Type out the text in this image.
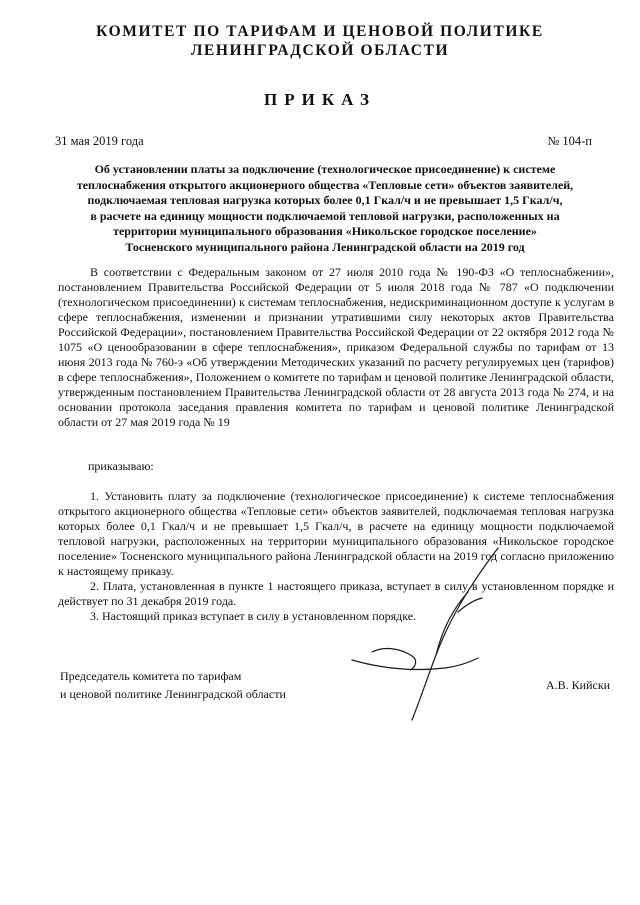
КОМИТЕТ ПО ТАРИФАМ И ЦЕНОВОЙ ПОЛИТИКЕ
ЛЕНИНГРАДСКОЙ ОБЛАСТИ
ПРИКАЗ
31 мая 2019 года	№ 104-п
Об установлении платы за подключение (технологическое присоединение) к системе
теплоснабжения открытого акционерного общества «Тепловые сети» объектов заявителей,
подключаемая тепловая нагрузка которых более 0,1 Гкал/ч и не превышает 1,5 Гкал/ч,
в расчете на единицу мощности подключаемой тепловой нагрузки, расположенных на
территории муниципального образования «Никольское городское поселение»
Тосненского муниципального района Ленинградской области на 2019 год
В соответствии с Федеральным законом от 27 июля 2010 года № 190-ФЗ «О теплоснабжении», постановлением Правительства Российской Федерации от 5 июля 2018 года № 787 «О подключении (технологическом присоединении) к системам теплоснабжения, недискриминационном доступе к услугам в сфере теплоснабжения, изменении и признании утратившими силу некоторых актов Правительства Российской Федерации», постановлением Правительства Российской Федерации от 22 октября 2012 года № 1075 «О ценообразовании в сфере теплоснабжения», приказом Федеральной службы по тарифам от 13 июня 2013 года № 760-э «Об утверждении Методических указаний по расчету регулируемых цен (тарифов) в сфере теплоснабжения», Положением о комитете по тарифам и ценовой политике Ленинградской области, утвержденным постановлением Правительства Ленинградской области от 28 августа 2013 года № 274, и на основании протокола заседания правления комитета по тарифам и ценовой политике Ленинградской области от 27 мая 2019 года № 19
приказываю:

1. Установить плату за подключение (технологическое присоединение) к системе теплоснабжения открытого акционерного общества «Тепловые сети» объектов заявителей, подключаемая тепловая нагрузка которых более 0,1 Гкал/ч и не превышает 1,5 Гкал/ч, в расчете на единицу мощности подключаемой тепловой нагрузки, расположенных на территории муниципального образования «Никольское городское поселение» Тосненского муниципального района Ленинградской области на 2019 год согласно приложению к настоящему приказу.

2. Плата, установленная в пункте 1 настоящего приказа, вступает в силу в установленном порядке и действует по 31 декабря 2019 года.

3. Настоящий приказ вступает в силу в установленном порядке.

Председатель комитета по тарифам
и ценовой политике Ленинградской области
А.В. Кийски
